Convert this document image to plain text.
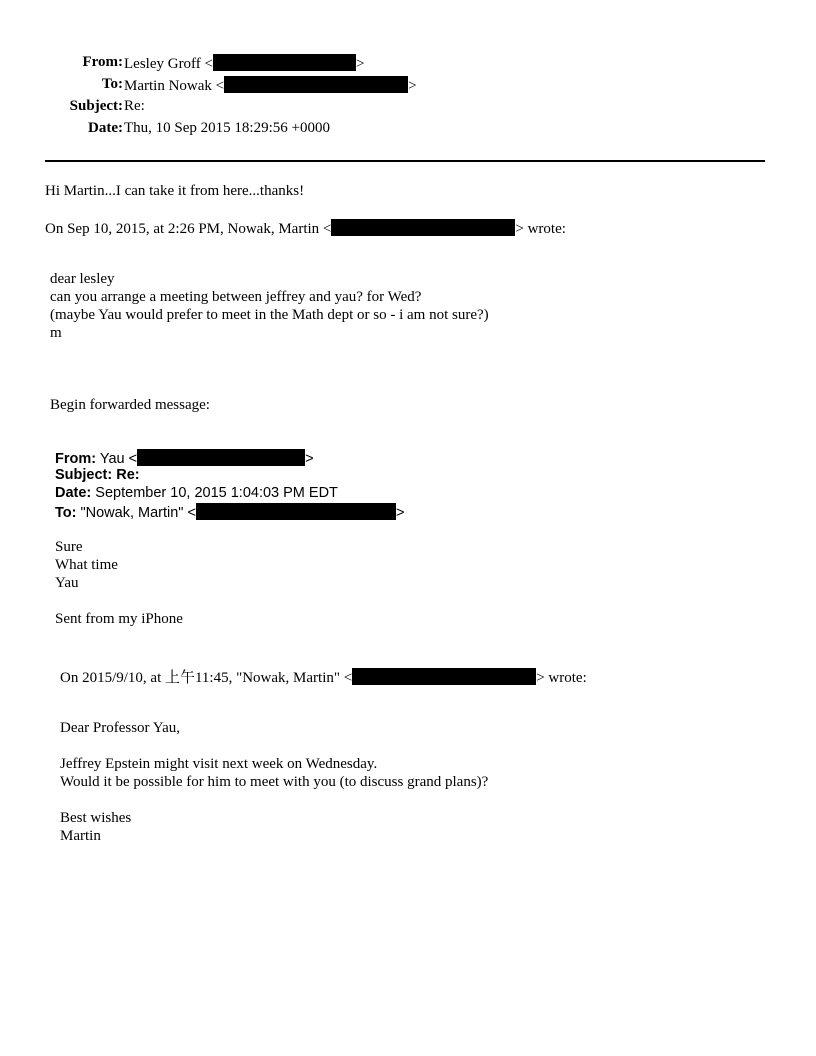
From: Lesley Groff <	>
To: Martin Nowak <	>
Subject: Re:
Date: Thu, 10 Sep 2015 18:29:56 +0000
Hi Martin...I can take it from here...thanks!
On Sep 10, 2015, at 2:26 PM, Nowak, Martin <	> wrote:
dear lesley
can you arrange a meeting between jeffrey and yau? for Wed?
(maybe Yau would prefer to meet in the Math dept or so - i am not sure?)
m
Begin forwarded message:
From: Yau <	>
Subject: Re:
Date: September 10, 2015 1:04:03 PM EDT
To: "Nowak, Martin" <	>
Sure
What time
Yau
Sent from my iPhone
On 2015/9/10, at 上午11:45, "Nowak, Martin" <	> wrote:
Dear Professor Yau,
Jeffrey Epstein might visit next week on Wednesday.
Would it be possible for him to meet with you (to discuss grand plans)?
Best wishes
Martin
